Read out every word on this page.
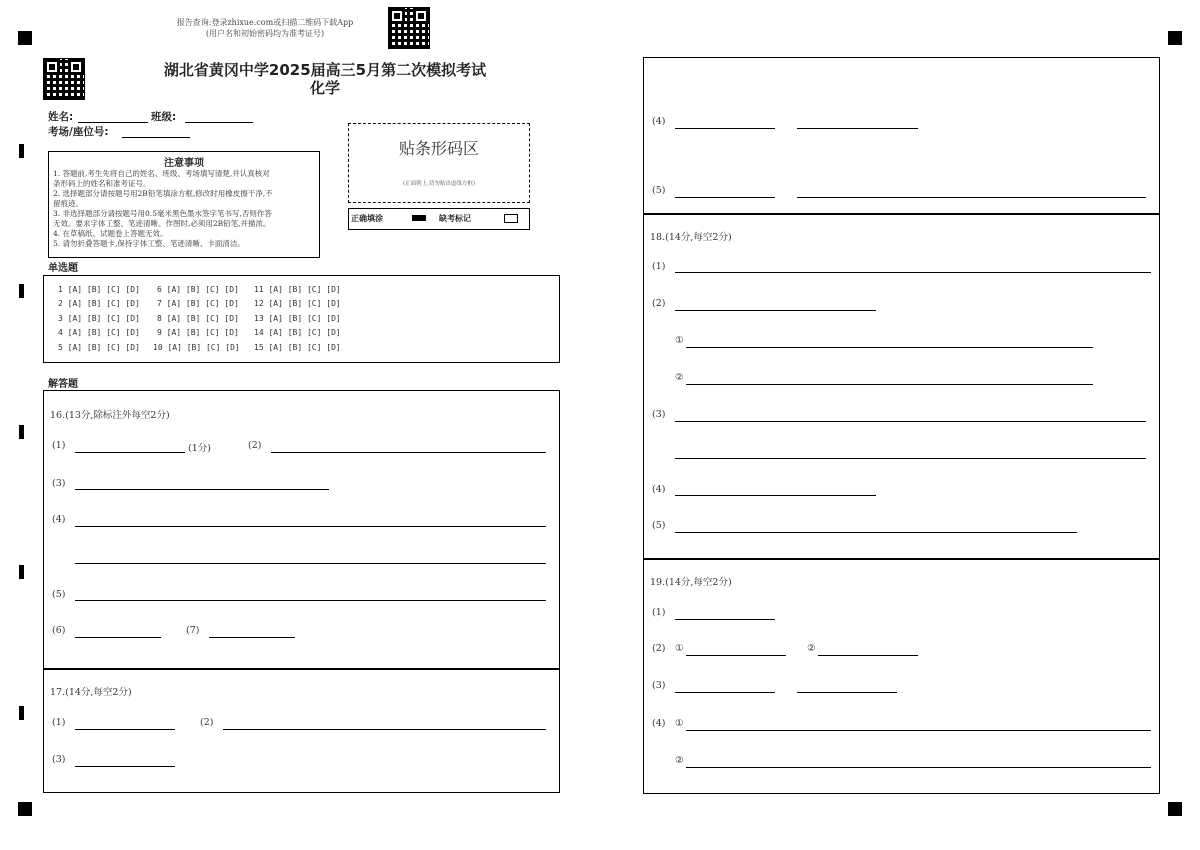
报告查询:登录zhixue.com或扫描二维码下载App
(用户名和初始密码均为准考证号)
湖北省黄冈中学2025届高三5月第二次模拟考试
化学
姓名:	班级:
考场/座位号:
注意事项
1. 答题前,考生先将自己的姓名、班级、考场填写清楚,并认真核对
条形码上的姓名和准考证号。
2. 选择题部分请按题号用2B铅笔填涂方框,修改时用橡皮擦干净,不
留痕迹。
3. 非选择题部分请按题号用0.5毫米黑色墨水签字笔书写,否则作答
无效。要求字体工整、笔迹清晰。作图时,必须用2B铅笔,并描浓。
4. 在草稿纸、试题卷上答题无效。
5. 请勿折叠答题卡,保持字体工整、笔迹清晰、卡面清洁。
贴条形码区
(正面朝上,切勿贴出虚线方框)
正确填涂	缺考标记
单选题
1 [A] [B] [C] [D] 6 [A] [B] [C] [D] 11 [A] [B] [C] [D]
2 [A] [B] [C] [D] 7 [A] [B] [C] [D] 12 [A] [B] [C] [D]
3 [A] [B] [C] [D] 8 [A] [B] [C] [D] 13 [A] [B] [C] [D]
4 [A] [B] [C] [D] 9 [A] [B] [C] [D] 14 [A] [B] [C] [D]
5 [A] [B] [C] [D] 10 [A] [B] [C] [D] 15 [A] [B] [C] [D]
解答题
16.(13分,除标注外每空2分)
(1)	(1分)	(2)
(3)
(4)
(5)
(6)	(7)
17.(14分,每空2分)
(1)	(2)
(3)
(4)
(5)
18.(14分,每空2分)
(1)
(2)
①
②
(3)
(4)
(5)
19.(14分,每空2分)
(1)
(2) ①	②
(3)
(4) ①
②
